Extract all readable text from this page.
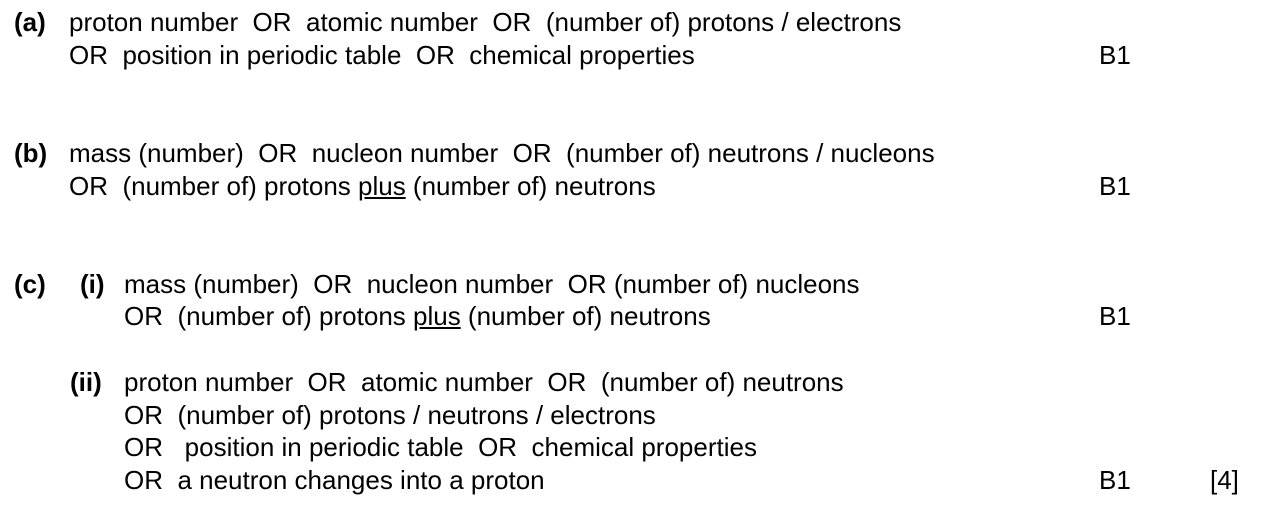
(a) proton number  OR  atomic number  OR  (number of) protons / electrons
OR  position in periodic table  OR  chemical properties	B1
(b) mass (number)  OR  nucleon number  OR  (number of) neutrons / nucleons
OR  (number of) protons plus (number of) neutrons	B1
(c) (i) mass (number)  OR  nucleon number  OR (number of) nucleons
OR  (number of) protons plus (number of) neutrons	B1
(ii) proton number  OR  atomic number  OR  (number of) neutrons
OR  (number of) protons / neutrons / electrons
OR   position in periodic table  OR  chemical properties
OR  a neutron changes into a proton	B1	[4]
